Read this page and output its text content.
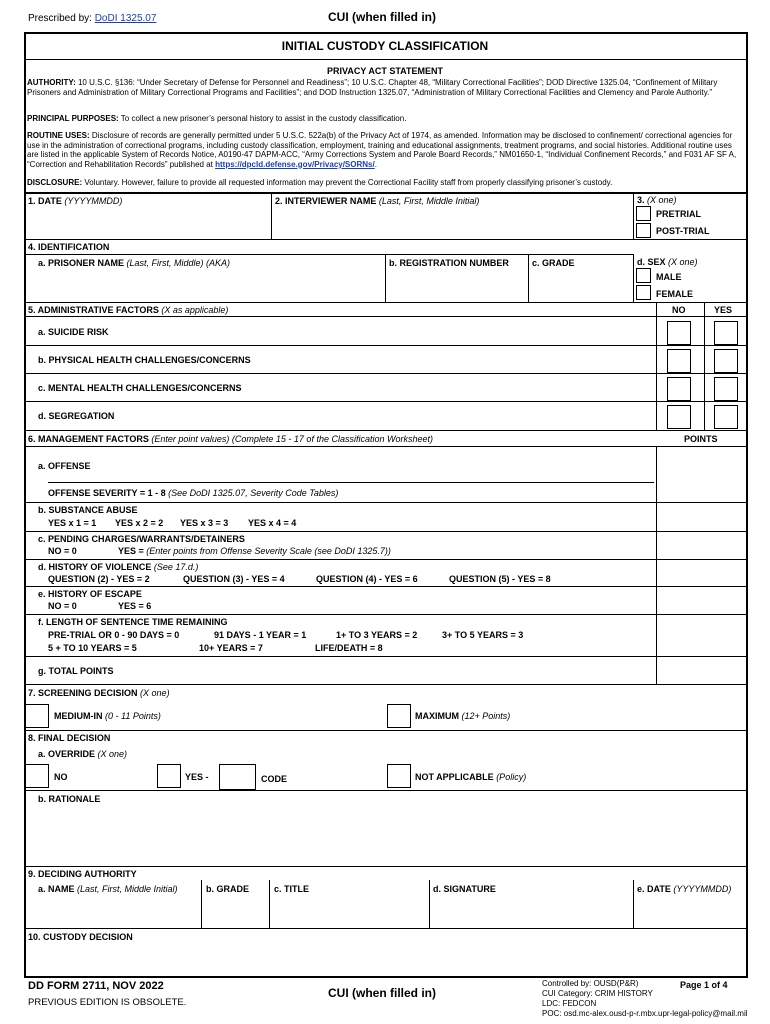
Prescribed by: DoDI 1325.07	CUI (when filled in)
INITIAL CUSTODY CLASSIFICATION
PRIVACY ACT STATEMENT
AUTHORITY: 10 U.S.C. §136: “Under Secretary of Defense for Personnel and Readiness”; 10 U.S.C. Chapter 48, “Military Correctional Facilities”; DOD Directive 1325.04, “Confinement of Military Prisoners and Administration of Military Correctional Programs and Facilities”; and DOD Instruction 1325.07, “Administration of Military Correctional Facilities and Clemency and Parole Authority.”
PRINCIPAL PURPOSES: To collect a new prisoner’s personal history to assist in the custody classification.
ROUTINE USES: Disclosure of records are generally permitted under 5 U.S.C. 522a(b) of the Privacy Act of 1974, as amended. Information may be disclosed to confinement/ correctional agencies for use in the administration of correctional programs, including custody classification, employment, training and educational assignments, treatment programs, and social histories. Additional routine uses are listed in the applicable System of Records Notice, A0190-47 DAPM-ACC, “Army Corrections System and Parole Board Records,” NM01650-1, “Individual Confinement Records,” and F031 AF SF A, “Correction and Rehabilitation Records” published at https://dpcld.defense.gov/Privacy/SORNs/.
DISCLOSURE: Voluntary. However, failure to provide all requested information may prevent the Correctional Facility staff from properly classifying prisoner’s custody.
1. DATE (YYYYMMDD)	2. INTERVIEWER NAME (Last, First, Middle Initial)	3. (X one)
PRETRIAL
POST-TRIAL
4. IDENTIFICATION
a. PRISONER NAME (Last, First, Middle) (AKA)	b. REGISTRATION NUMBER	c. GRADE	d. SEX (X one)
MALE
FEMALE
5. ADMINISTRATIVE FACTORS (X as applicable)	NO	YES
a. SUICIDE RISK
b. PHYSICAL HEALTH CHALLENGES/CONCERNS
c. MENTAL HEALTH CHALLENGES/CONCERNS
d. SEGREGATION
6. MANAGEMENT FACTORS (Enter point values) (Complete 15 - 17 of the Classification Worksheet)	POINTS
a. OFFENSE
OFFENSE SEVERITY = 1 - 8 (See DoDI 1325.07, Severity Code Tables)
b. SUBSTANCE ABUSE
YES x 1 = 1 YES x 2 = 2 YES x 3 = 3 YES x 4 = 4
c. PENDING CHARGES/WARRANTS/DETAINERS
NO = 0	YES = (Enter points from Offense Severity Scale (see DoDI 1325.7))
d. HISTORY OF VIOLENCE (See 17.d.)
QUESTION (2) - YES = 2	QUESTION (3) - YES = 4	QUESTION (4) - YES = 6	QUESTION (5) - YES = 8
e. HISTORY OF ESCAPE
NO = 0	YES = 6
f. LENGTH OF SENTENCE TIME REMAINING
PRE-TRIAL OR 0 - 90 DAYS = 0	91 DAYS - 1 YEAR = 1	1+ TO 3 YEARS = 2	3+ TO 5 YEARS = 3
5 + TO 10 YEARS = 5	10+ YEARS = 7	LIFE/DEATH = 8
g. TOTAL POINTS
7. SCREENING DECISION (X one)
MEDIUM-IN (0 - 11 Points)	MAXIMUM (12+ Points)
8. FINAL DECISION
a. OVERRIDE (X one)
NO	YES -	CODE	NOT APPLICABLE (Policy)
b. RATIONALE
9. DECIDING AUTHORITY
a. NAME (Last, First, Middle Initial)	b. GRADE	c. TITLE	d. SIGNATURE	e. DATE (YYYYMMDD)
10. CUSTODY DECISION
DD FORM 2711, NOV 2022
PREVIOUS EDITION IS OBSOLETE.
CUI (when filled in)
Controlled by: OUSD(P&R)
CUI Category: CRIM HISTORY
LDC: FEDCON
POC: osd.mc-alex.ousd-p-r.mbx.upr-legal-policy@mail.mil
Page 1 of 4
